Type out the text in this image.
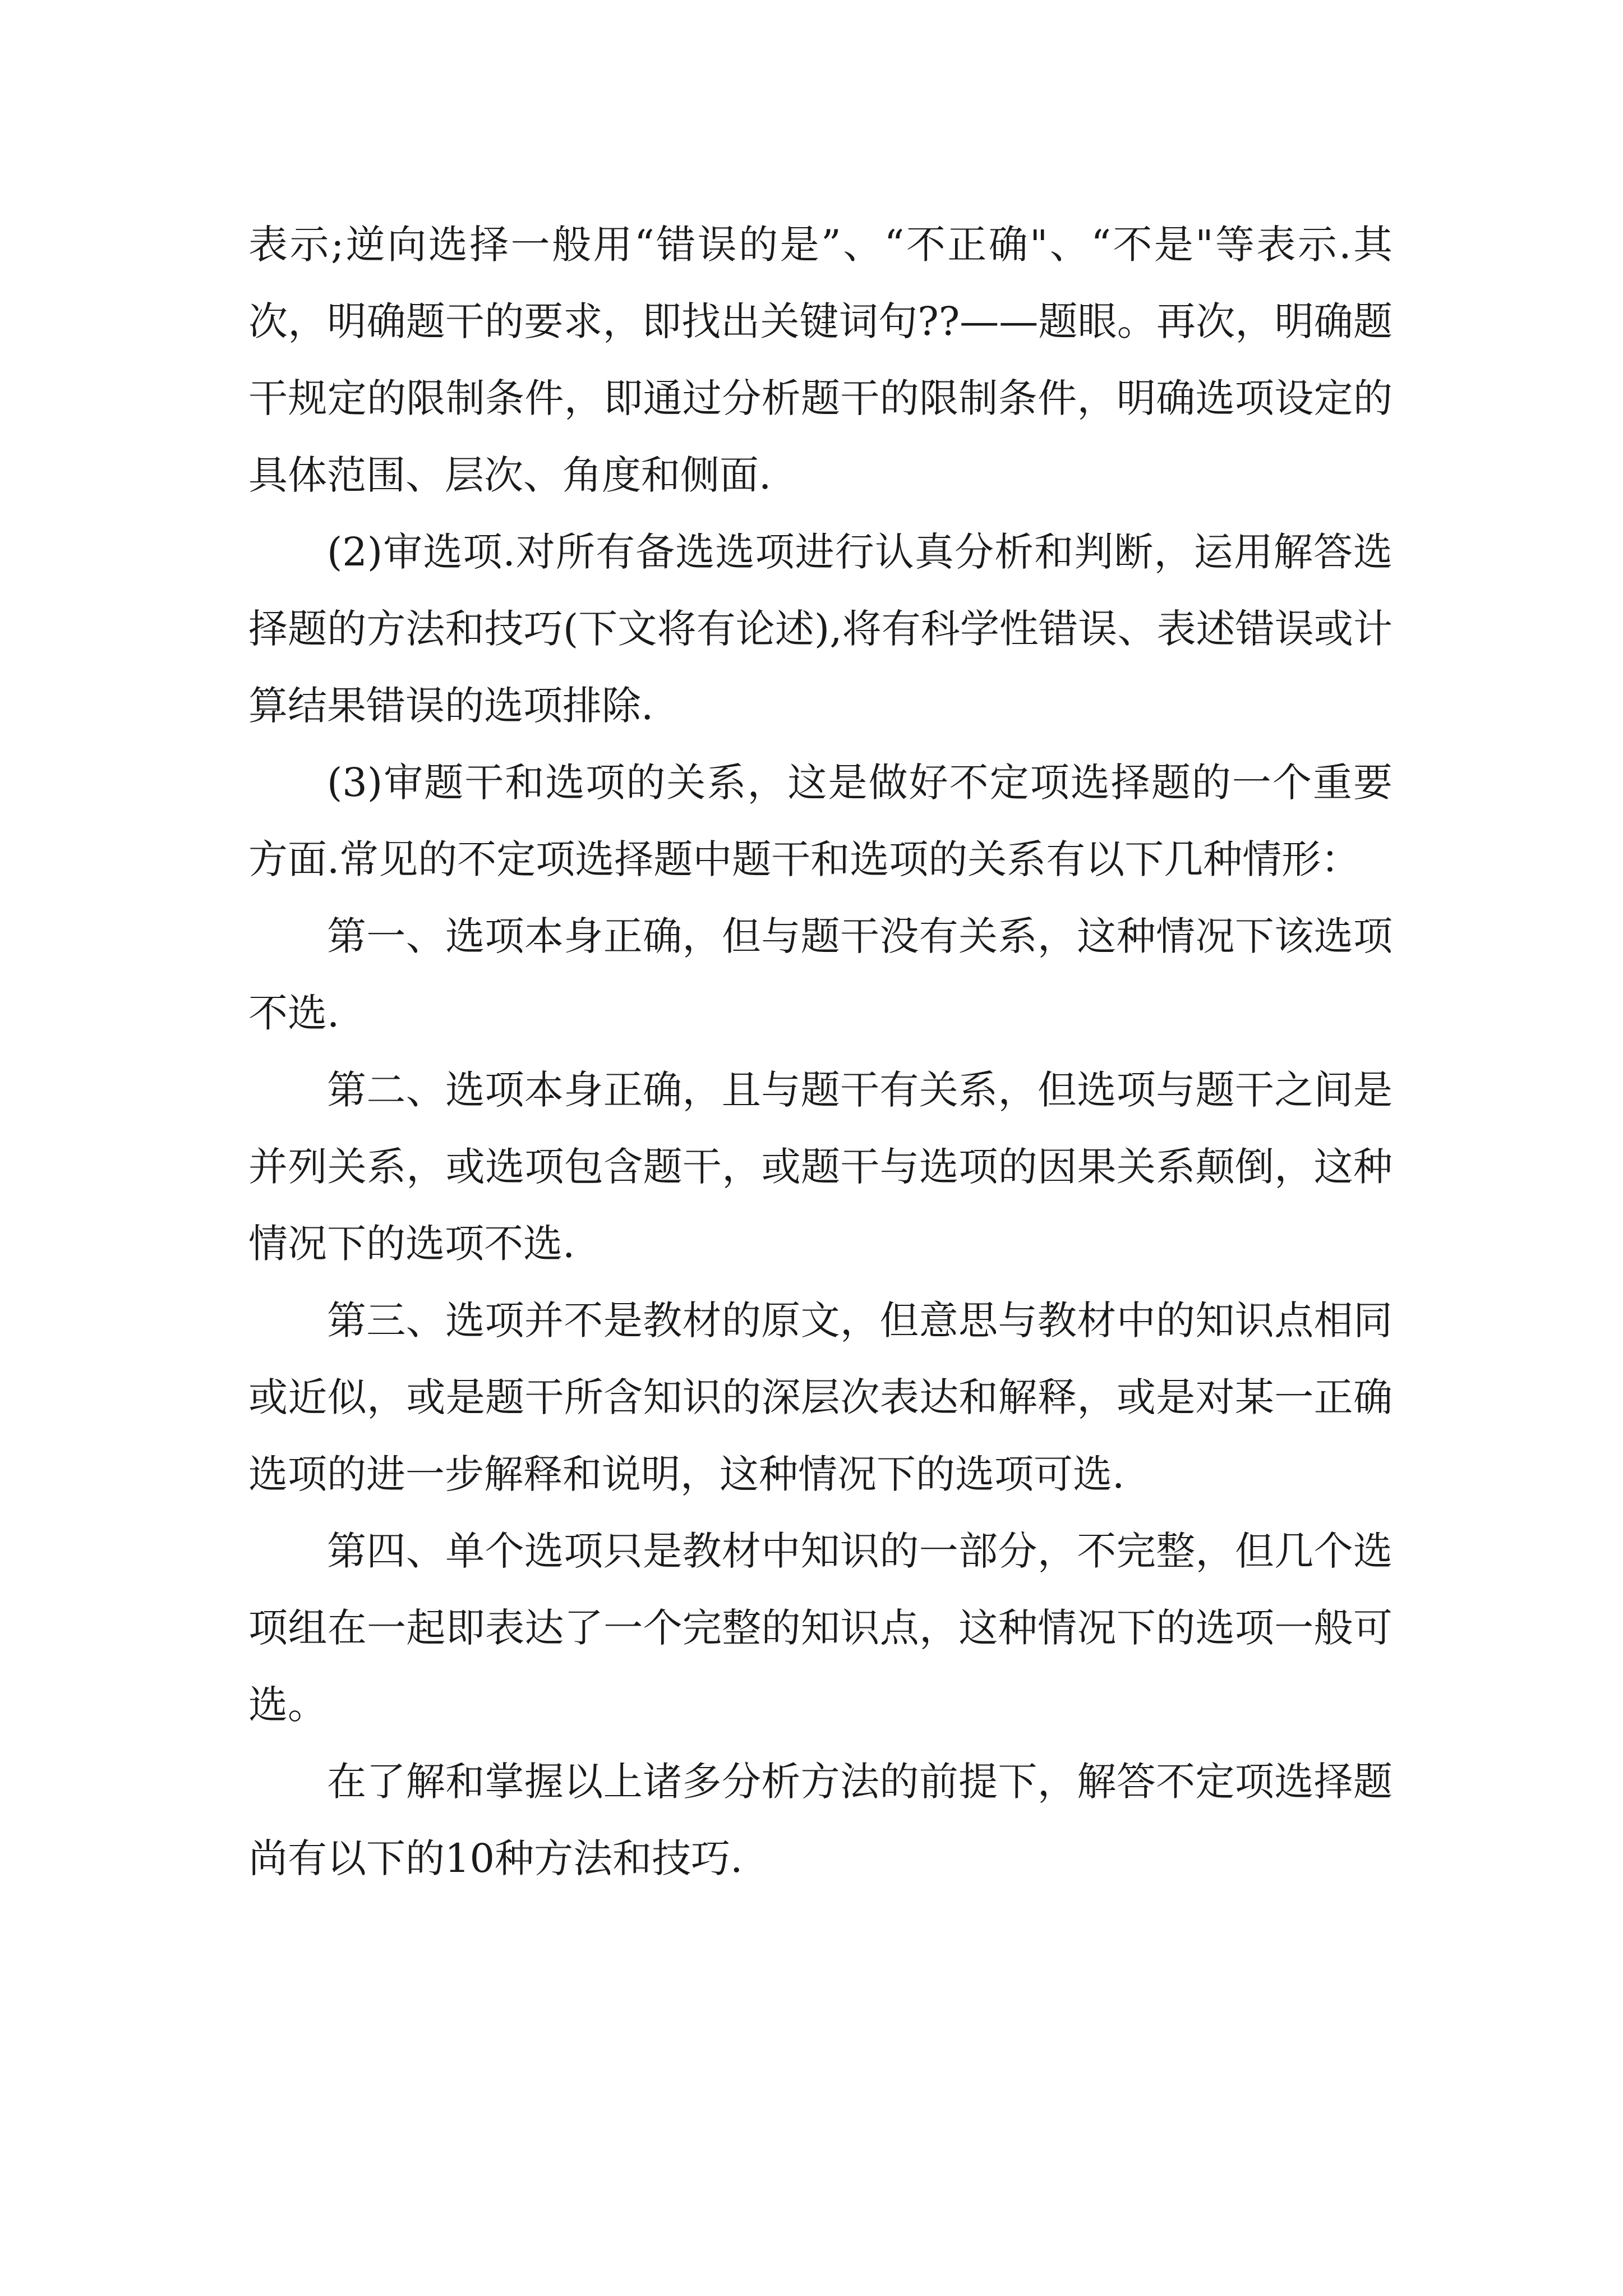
表示;逆向选择一般用“错误的是”、“不正确"、“不是"等表示.其次，明确题干的要求，即找出关键词句??——题眼。再次，明确题干规定的限制条件，即通过分析题干的限制条件，明确选项设定的具体范围、层次、角度和侧面.

(2)审选项.对所有备选选项进行认真分析和判断，运用解答选择题的方法和技巧(下文将有论述),将有科学性错误、表述错误或计算结果错误的选项排除.

(3)审题干和选项的关系，这是做好不定项选择题的一个重要方面.常见的不定项选择题中题干和选项的关系有以下几种情形：

第一、选项本身正确，但与题干没有关系，这种情况下该选项不选.

第二、选项本身正确，且与题干有关系，但选项与题干之间是并列关系，或选项包含题干，或题干与选项的因果关系颠倒，这种情况下的选项不选.

第三、选项并不是教材的原文，但意思与教材中的知识点相同或近似，或是题干所含知识的深层次表达和解释，或是对某一正确选项的进一步解释和说明，这种情况下的选项可选.

第四、单个选项只是教材中知识的一部分，不完整，但几个选项组在一起即表达了一个完整的知识点，这种情况下的选项一般可选。

在了解和掌握以上诸多分析方法的前提下，解答不定项选择题尚有以下的10种方法和技巧.
